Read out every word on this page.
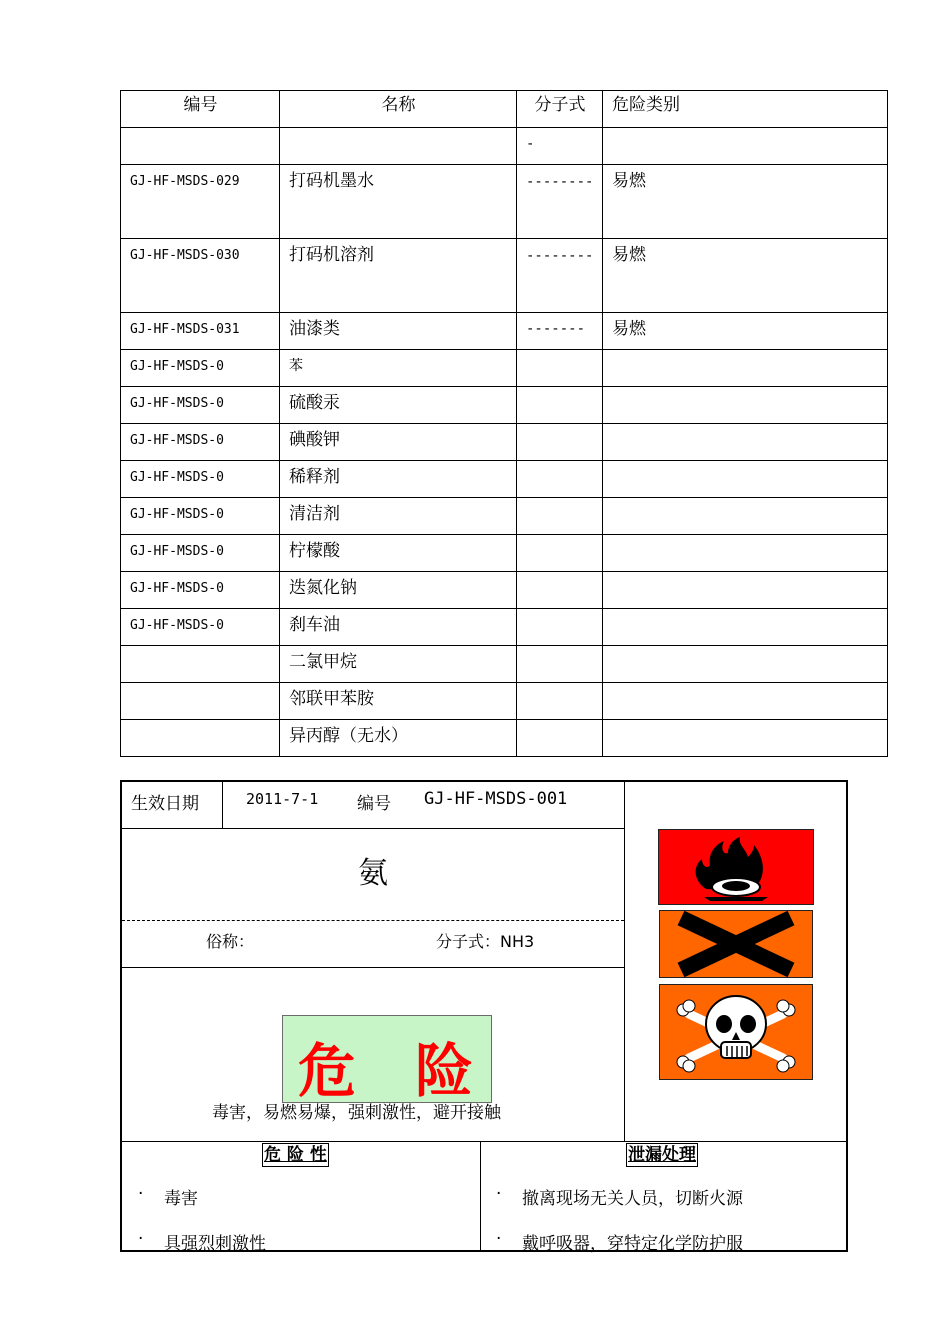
编号	名称	分子式	危险类别

		-	

GJ-HF-MSDS-029	打码机墨水	--------	易燃

GJ-HF-MSDS-030	打码机溶剂	--------	易燃

GJ-HF-MSDS-031	油漆类	-------	易燃

GJ-HF-MSDS-0	苯		

GJ-HF-MSDS-0	硫酸汞		

GJ-HF-MSDS-0	碘酸钾		

GJ-HF-MSDS-0	稀释剂		

GJ-HF-MSDS-0	清洁剂		

GJ-HF-MSDS-0	柠檬酸		

GJ-HF-MSDS-0	迭氮化钠		

GJ-HF-MSDS-0	刹车油		

	二氯甲烷		

	邻联甲苯胺		

	异丙醇（无水）		

生效日期	2011-7-1 编号 GJ-HF-MSDS-001
氨
俗称：	分子式：NH3
毒害，易燃易爆，强刺激性，避开接触
危 险
危 险 性	泄漏处理
· 毒害
· 具强烈刺激性
· 撤离现场无关人员，切断火源
· 戴呼吸器，穿特定化学防护服
